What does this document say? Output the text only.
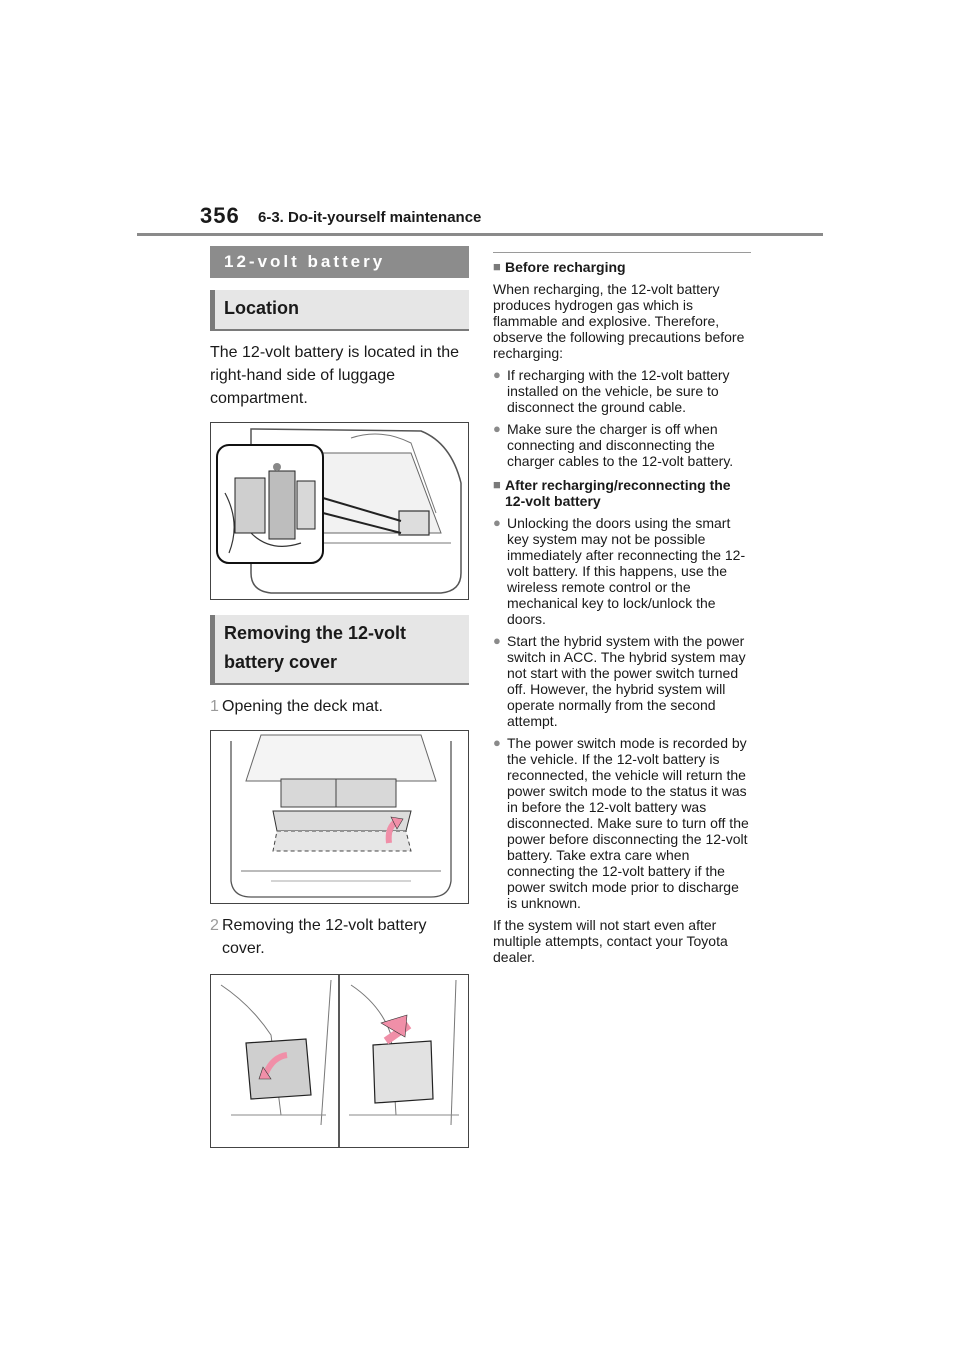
356 6-3. Do-it-yourself maintenance
12-volt battery
Location
The 12-volt battery is located in the right-hand side of luggage compartment.
Removing the 12-volt battery cover
1 Opening the deck mat.
2 Removing the 12-volt battery cover.
■ Before recharging
When recharging, the 12-volt battery produces hydrogen gas which is flammable and explosive. Therefore, observe the following precautions before recharging:
● If recharging with the 12-volt battery installed on the vehicle, be sure to disconnect the ground cable.
● Make sure the charger is off when connecting and disconnecting the charger cables to the 12-volt battery.
■ After recharging/reconnecting the 12-volt battery
● Unlocking the doors using the smart key system may not be possible immediately after reconnecting the 12-volt battery. If this happens, use the wireless remote control or the mechanical key to lock/unlock the doors.
● Start the hybrid system with the power switch in ACC. The hybrid system may not start with the power switch turned off. However, the hybrid system will operate normally from the second attempt.
● The power switch mode is recorded by the vehicle. If the 12-volt battery is reconnected, the vehicle will return the power switch mode to the status it was in before the 12-volt battery was disconnected. Make sure to turn off the power before disconnecting the 12-volt battery. Take extra care when connecting the 12-volt battery if the power switch mode prior to discharge is unknown.
If the system will not start even after multiple attempts, contact your Toyota dealer.
